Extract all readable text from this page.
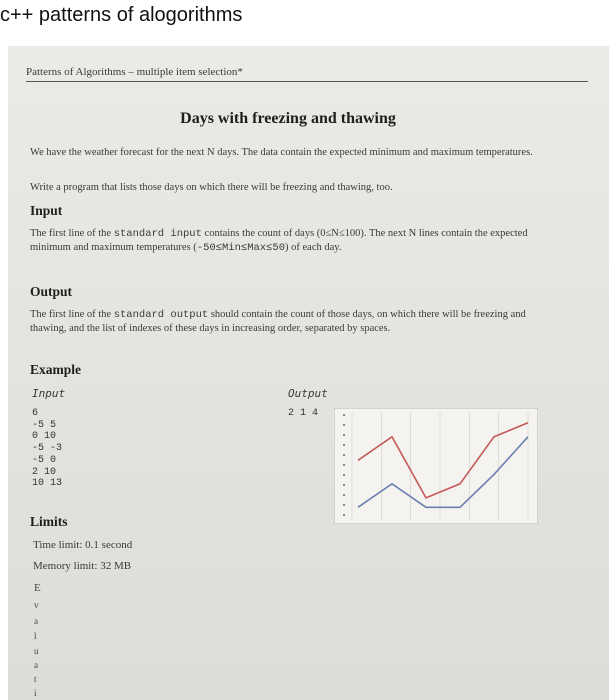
c++ patterns of alogorithms
Patterns of Algorithms – multiple item selection*
Days with freezing and thawing
We have the weather forecast for the next N days. The data contain the expected minimum and maximum temperatures.
Write a program that lists those days on which there will be freezing and thawing, too.
Input
The first line of the standard input contains the count of days (0≤N≤100). The next N lines contain the expected minimum and maximum temperatures (-50≤Min≤Max≤50) of each day.
Output
The first line of the standard output should contain the count of those days, on which there will be freezing and thawing, and the list of indexes of these days in increasing order, separated by spaces.
Example
Input	Output
6
-5 5
0 10
-5 -3
-5 0
2 10
10 13
2 1 4
Limits
Time limit: 0.1 second
Memory limit: 32 MB
E
v
a
l
u
a
t
i
